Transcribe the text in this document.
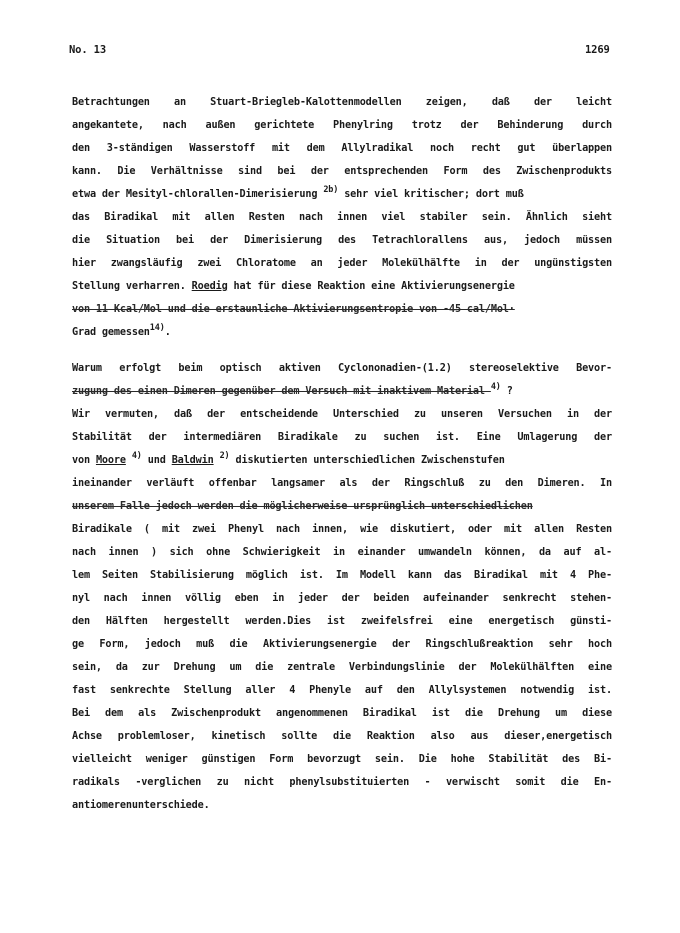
No. 13	1269
Betrachtungen an Stuart-Briegleb-Kalottenmodellen zeigen, daß der leicht
angekantete, nach außen gerichtete Phenylring trotz der Behinderung durch
den 3-ständigen Wasserstoff mit dem Allylradikal noch recht gut überlappen
kann. Die Verhältnisse sind bei der entsprechenden Form des Zwischenprodukts
etwa der Mesityl-chlorallen-Dimerisierung $^{2b)}$ sehr viel kritischer; dort muß
das Biradikal mit allen Resten nach innen viel stabiler sein. Ähnlich sieht
die Situation bei der Dimerisierung des Tetrachlorallens aus, jedoch müssen
hier zwangsläufig zwei Chloratome an jeder Molekülhälfte in der ungünstigsten
Stellung verharren. Roedig hat für diese Reaktion eine Aktivierungsenergie
von 11 Kcal/Mol und die erstaunliche Aktivierungsentropie von -45 cal/Mol·
Grad gemessen$^{14)}$.
Warum erfolgt beim optisch aktiven Cyclononadien-(1.2) stereoselektive Bevor-
zugung des einen Dimeren gegenüber dem Versuch mit inaktivem Material $^{4)}$ ?
Wir vermuten, daß der entscheidende Unterschied zu unseren Versuchen in der
Stabilität der intermediären Biradikale zu suchen ist. Eine Umlagerung der
von Moore $^{4)}$ und Baldwin $^{2)}$ diskutierten unterschiedlichen Zwischenstufen
ineinander verläuft offenbar langsamer als der Ringschluß zu den Dimeren. In
unserem Falle jedoch werden die möglicherweise ursprünglich unterschiedlichen
Biradikale ( mit zwei Phenyl nach innen, wie diskutiert, oder mit allen Resten
nach innen ) sich ohne Schwierigkeit in einander umwandeln können, da auf al-
lem Seiten Stabilisierung möglich ist. Im Modell kann das Biradikal mit 4 Phe-
nyl nach innen völlig eben in jeder der beiden aufeinander senkrecht stehen-
den Hälften hergestellt werden.Dies ist zweifelsfrei eine energetisch günsti-
ge Form, jedoch muß die Aktivierungsenergie der Ringschlußreaktion sehr hoch
sein, da zur Drehung um die zentrale Verbindungslinie der Molekülhälften eine
fast senkrechte Stellung aller 4 Phenyle auf den Allylsystemen notwendig ist.
Bei dem als Zwischenprodukt angenommenen Biradikal ist die Drehung um diese
Achse problemloser, kinetisch sollte die Reaktion also aus dieser,energetisch
vielleicht weniger günstigen Form bevorzugt sein. Die hohe Stabilität des Bi-
radikals -verglichen zu nicht phenylsubstituierten - verwischt somit die En-
antiomerenunterschiede.
